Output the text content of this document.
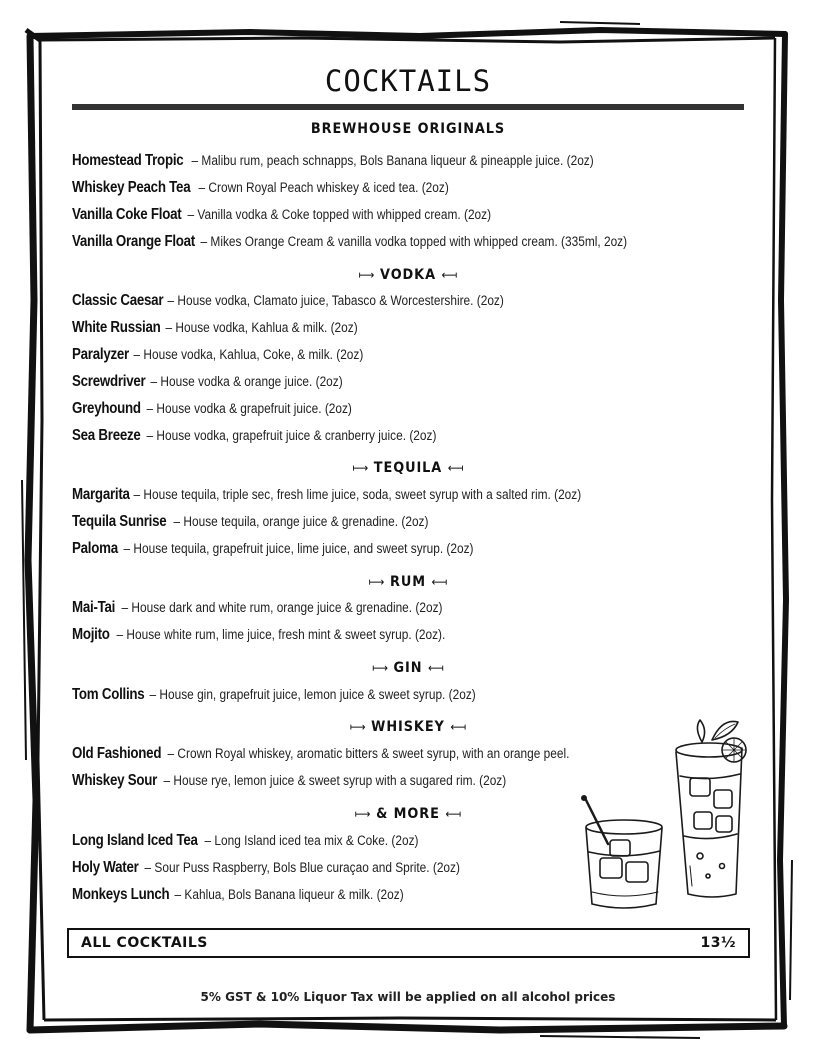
COCKTAILS
BREWHOUSE ORIGINALS
Homestead Tropic – Malibu rum, peach schnapps, Bols Banana liqueur & pineapple juice. (2oz)
Whiskey Peach Tea – Crown Royal Peach whiskey & iced tea. (2oz)
Vanilla Coke Float – Vanilla vodka & Coke topped with whipped cream. (2oz)
Vanilla Orange Float – Mikes Orange Cream & vanilla vodka topped with whipped cream. (335ml, 2oz)
⟼ VODKA ⟻
Classic Caesar – House vodka, Clamato juice, Tabasco & Worcestershire. (2oz)
White Russian – House vodka, Kahlua & milk. (2oz)
Paralyzer – House vodka, Kahlua, Coke, & milk. (2oz)
Screwdriver – House vodka & orange juice. (2oz)
Greyhound – House vodka & grapefruit juice. (2oz)
Sea Breeze – House vodka, grapefruit juice & cranberry juice. (2oz)
⟼ TEQUILA ⟻
Margarita – House tequila, triple sec, fresh lime juice, soda, sweet syrup with a salted rim. (2oz)
Tequila Sunrise – House tequila, orange juice & grenadine. (2oz)
Paloma – House tequila, grapefruit juice, lime juice, and sweet syrup. (2oz)
⟼ RUM ⟻
Mai-Tai – House dark and white rum, orange juice & grenadine. (2oz)
Mojito – House white rum, lime juice, fresh mint & sweet syrup. (2oz).
⟼ GIN ⟻
Tom Collins – House gin, grapefruit juice, lemon juice & sweet syrup. (2oz)
⟼ WHISKEY ⟻
Old Fashioned – Crown Royal whiskey, aromatic bitters & sweet syrup, with an orange peel.
Whiskey Sour – House rye, lemon juice & sweet syrup with a sugared rim. (2oz)
⟼ & MORE ⟻
Long Island Iced Tea – Long Island iced tea mix & Coke. (2oz)
Holy Water – Sour Puss Raspberry, Bols Blue curaçao and Sprite. (2oz)
Monkeys Lunch – Kahlua, Bols Banana liqueur & milk. (2oz)
ALL COCKTAILS	13½
5% GST & 10% Liquor Tax will be applied on all alcohol prices
